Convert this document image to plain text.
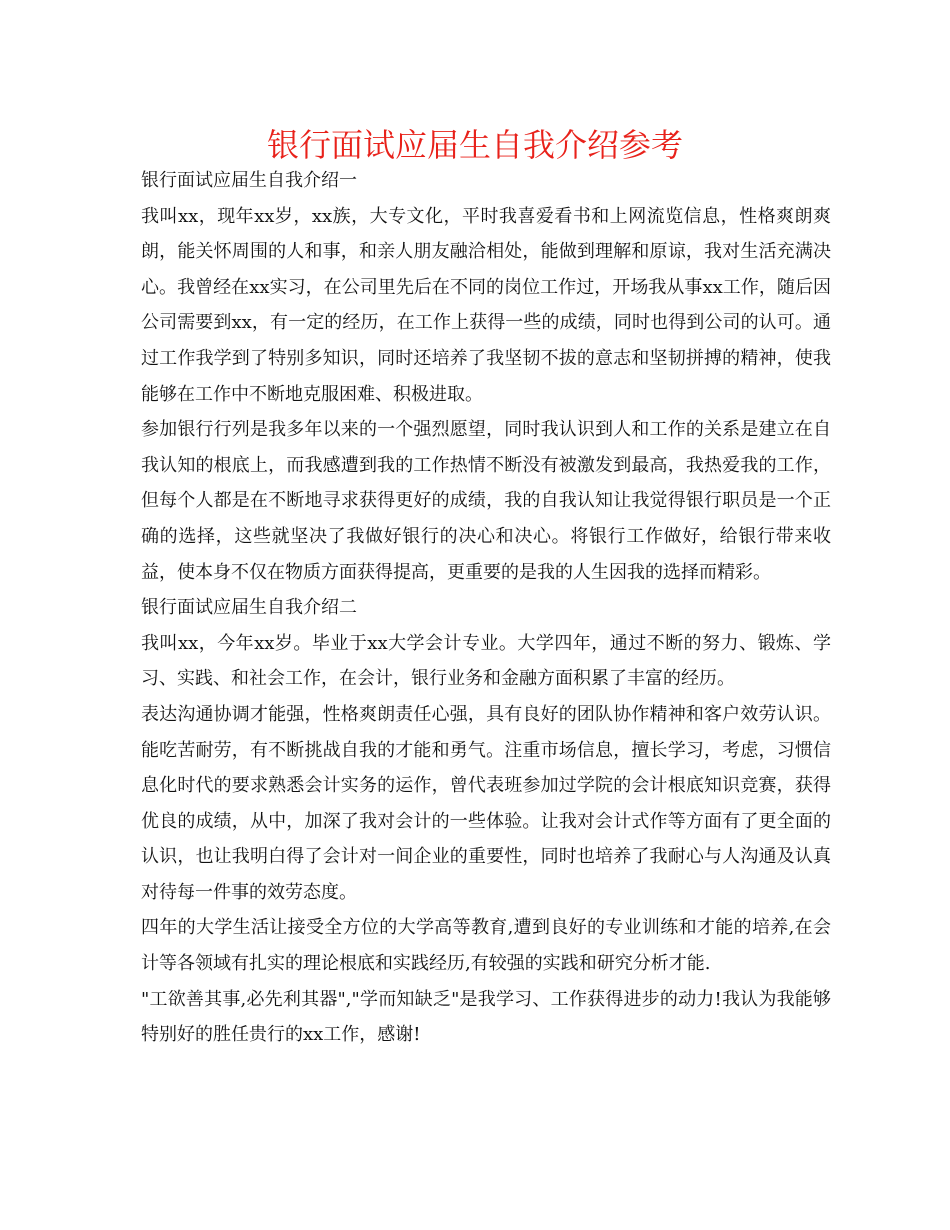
银行面试应届生自我介绍参考

银行面试应届生自我介绍一

我叫xx，现年xx岁，xx族，大专文化，平时我喜爱看书和上网流览信息，性格爽朗爽朗，能关怀周围的人和事，和亲人朋友融洽相处，能做到理解和原谅，我对生活充满决心。我曾经在xx实习，在公司里先后在不同的岗位工作过，开场我从事xx工作，随后因公司需要到xx，有一定的经历，在工作上获得一些的成绩，同时也得到公司的认可。通过工作我学到了特别多知识，同时还培养了我坚韧不拔的意志和坚韧拼搏的精神，使我能够在工作中不断地克服困难、积极进取。

参加银行行列是我多年以来的一个强烈愿望，同时我认识到人和工作的关系是建立在自我认知的根底上，而我感遭到我的工作热情不断没有被激发到最高，我热爱我的工作，但每个人都是在不断地寻求获得更好的成绩，我的自我认知让我觉得银行职员是一个正确的选择，这些就坚决了我做好银行的决心和决心。将银行工作做好，给银行带来收益，使本身不仅在物质方面获得提高，更重要的是我的人生因我的选择而精彩。

银行面试应届生自我介绍二

我叫xx，今年xx岁。毕业于xx大学会计专业。大学四年，通过不断的努力、锻炼、学习、实践、和社会工作，在会计，银行业务和金融方面积累了丰富的经历。

表达沟通协调才能强，性格爽朗责任心强，具有良好的团队协作精神和客户效劳认识。能吃苦耐劳，有不断挑战自我的才能和勇气。注重市场信息，擅长学习，考虑，习惯信息化时代的要求熟悉会计实务的运作，曾代表班参加过学院的会计根底知识竞赛，获得优良的成绩，从中，加深了我对会计的一些体验。让我对会计式作等方面有了更全面的认识，也让我明白得了会计对一间企业的重要性，同时也培养了我耐心与人沟通及认真对待每一件事的效劳态度。

四年的大学生活让接受全方位的大学高等教育,遭到良好的专业训练和才能的培养,在会计等各领域有扎实的理论根底和实践经历,有较强的实践和研究分析才能.

"工欲善其事,必先利其器","学而知缺乏"是我学习、工作获得进步的动力!我认为我能够特别好的胜任贵行的xx工作，感谢!
